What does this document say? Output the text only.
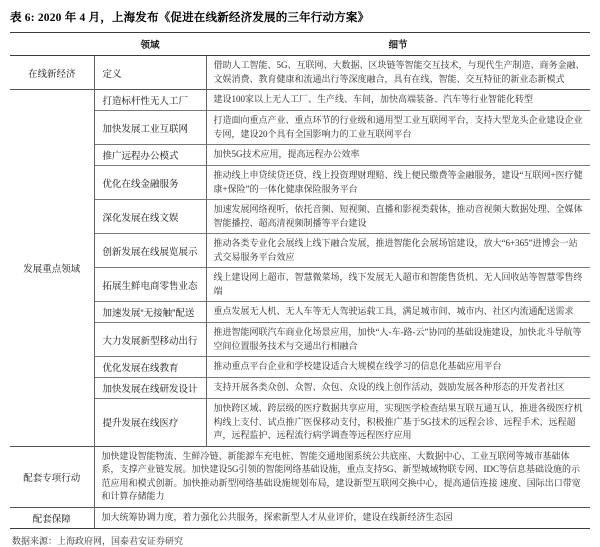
表 6: 2020 年 4 月，上海发布《促进在线新经济发展的三年行动方案》
	领域	细节
在线新经济	定义	借助人工智能、5G、互联网、大数据、区块链等智能交互技术，与现代生产制造、商务金融、文娱消费、教育健康和流通出行等深度融合，具有在线、智能、交互特征的新业态新模式
发展重点领域	打造标杆性无人工厂	建设100家以上无人工厂、生产线、车间，加快高端装备、汽车等行业智能化转型
	加快发展工业互联网	打造面向重点产业、重点环节的行业级和通用型工业互联网平台，支持大型龙头企业建设企业专网，建设20个具有全国影响力的工业互联网平台
	推广远程办公模式	加快5G技术应用，提高远程办公效率
	优化在线金融服务	推动线上申贷续贷还贷、线上投资理财理赔、线上便民缴费等金融服务，建设“互联网+医疗健康+保险”的一体化健康保险服务平台
	深化发展在线文娱	加速发展网络视听，依托音频、短视频、直播和影视类载体，推动音视频大数据处理、全媒体智能播控、超高清视频制播等平台建设
	创新发展在线展览展示	推动各类专业化会展线上线下融合发展，推进智能化会展场馆建设，放大“6+365”进博会一站式交易服务平台效应
	拓展生鲜电商零售业态	线上建设网上超市、智慧微菜场，线下发展无人超市和智能售货机、无人回收站等智慧零售终端
	加速发展“无接触”配送	重点发展无人机、无人车等无人驾驶运载工具，满足城市间、城市内、社区内流通配送需求
	大力发展新型移动出行	推进智能网联汽车商业化场景应用，加快“人-车-路-云”协同的基础设施建设，加快北斗导航等空间位置服务技术与交通出行相融合
	优化发展在线教育	推动重点平台企业和学校建设适合大规模在线学习的信息化基础应用平台
	加快发展在线研发设计	支持开展各类众创、众智、众包、众设的线上创作活动，鼓励发展各种形态的开发者社区
	提升发展在线医疗	加快跨区域、跨层级的医疗数据共享应用，实现医学检查结果互联互通互认，推进各级医疗机构线上支付、试点推广医保移动支付，积极推广基于5G技术的远程会诊、远程手术、远程超声，远程监护、远程流行病学调查等远程医疗应用
配套专项行动	加快建设智能物流、生鲜冷链、新能源车充电桩、智能交通地图系统公共底座、大数据中心、工业互联网等城市基础体系，支撑产业链发展。加快建设5G引领的智能网络基础设施，重点支持5G、新型城域物联专网、IDC等信息基础设施的示范应用和模式创新。加快推动新型网络基础设施规划布局，建设新型互联网交换中心，提高通信连接 速度、国际出口带宽和计算存储能力	
配套保障	加大统筹协调力度，着力强化公共服务，探索新型人才从业评价，建设在线新经济生态园	
数据来源：上海政府网，国泰君安证券研究
